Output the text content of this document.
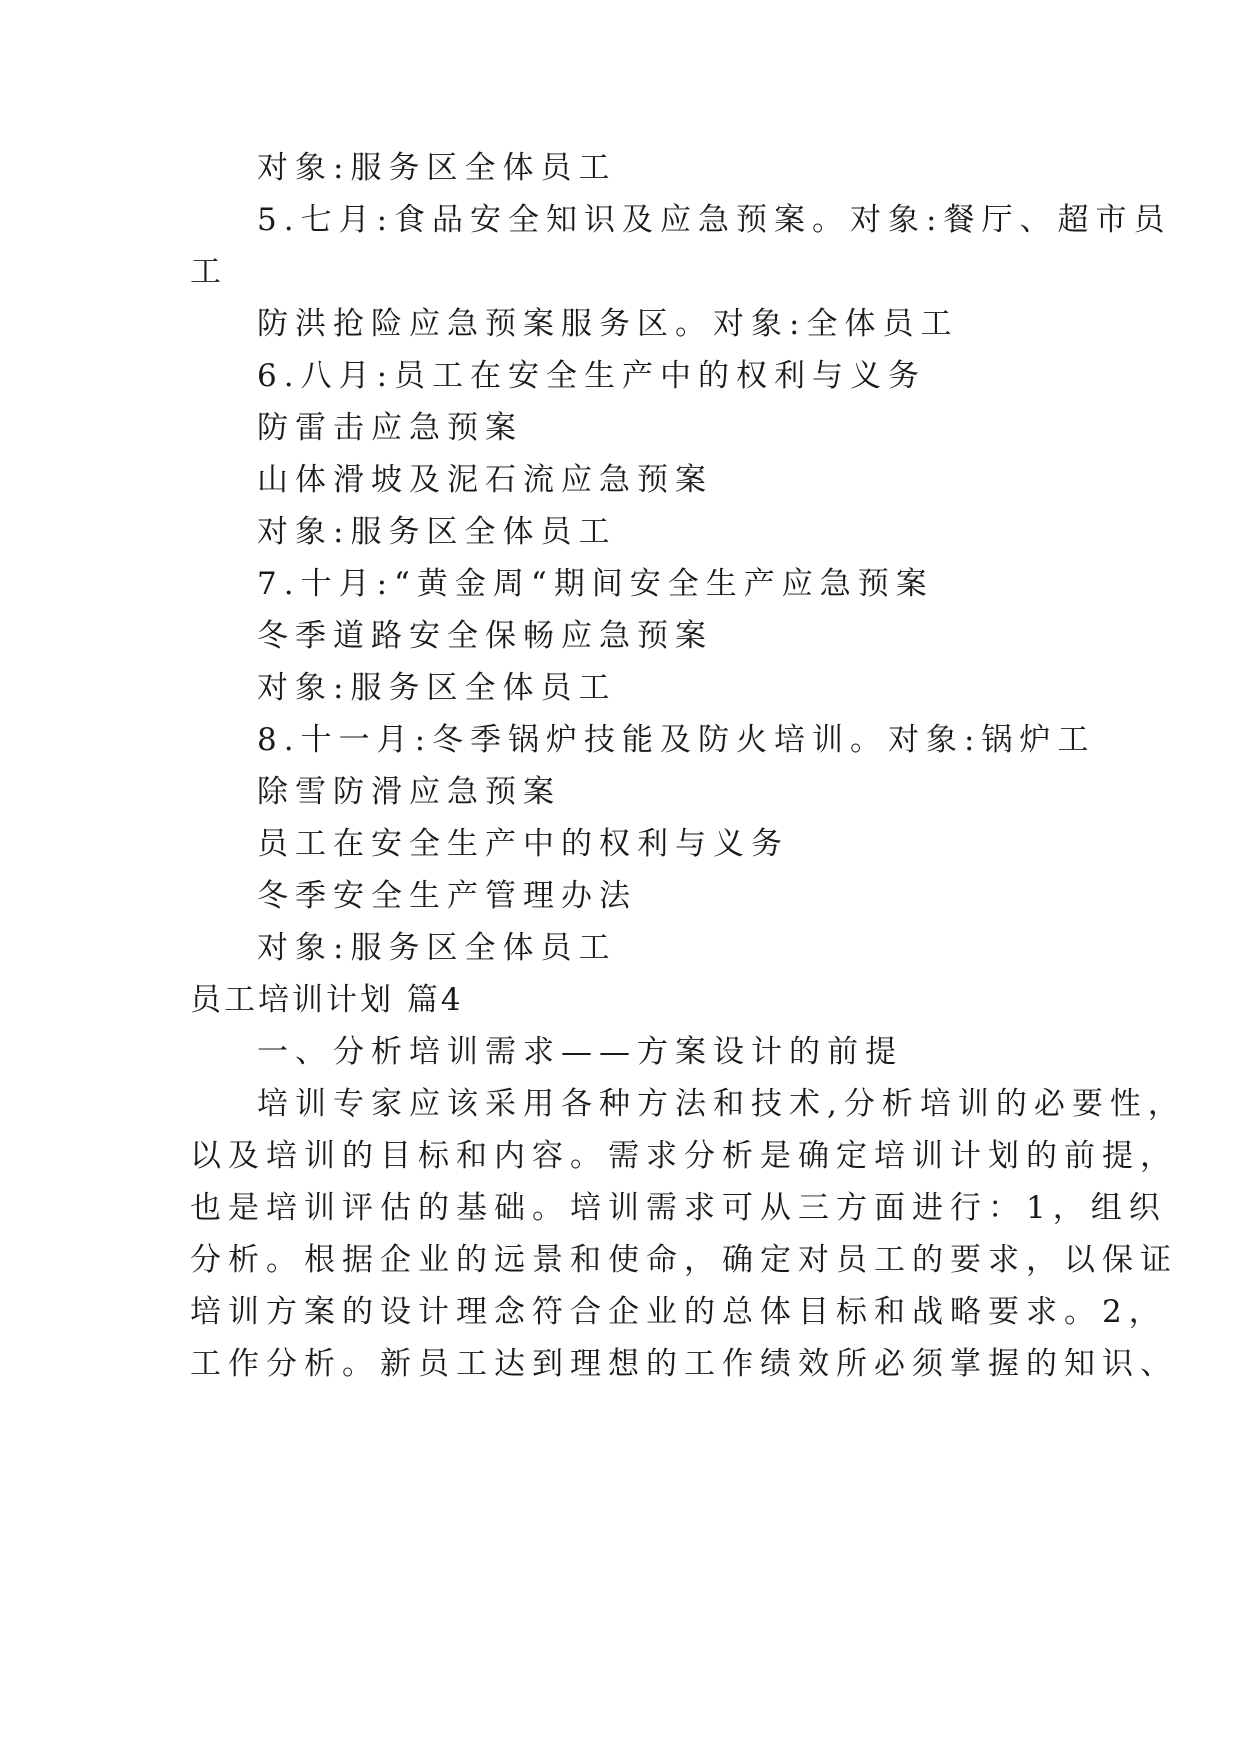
对象:服务区全体员工
5.七月:食品安全知识及应急预案。对象:餐厅、超市员
工
防洪抢险应急预案服务区。对象:全体员工
6.八月:员工在安全生产中的权利与义务
防雷击应急预案
山体滑坡及泥石流应急预案
对象:服务区全体员工
7.十月:“黄金周“期间安全生产应急预案
冬季道路安全保畅应急预案
对象:服务区全体员工
8.十一月:冬季锅炉技能及防火培训。对象:锅炉工
除雪防滑应急预案
员工在安全生产中的权利与义务
冬季安全生产管理办法
对象:服务区全体员工
员工培训计划 篇4
一、分析培训需求——方案设计的前提
培训专家应该采用各种方法和技术,分析培训的必要性，
以及培训的目标和内容。需求分析是确定培训计划的前提，
也是培训评估的基础。培训需求可从三方面进行：1，组织
分析。根据企业的远景和使命，确定对员工的要求，以保证
培训方案的设计理念符合企业的总体目标和战略要求。2，
工作分析。新员工达到理想的工作绩效所必须掌握的知识、
